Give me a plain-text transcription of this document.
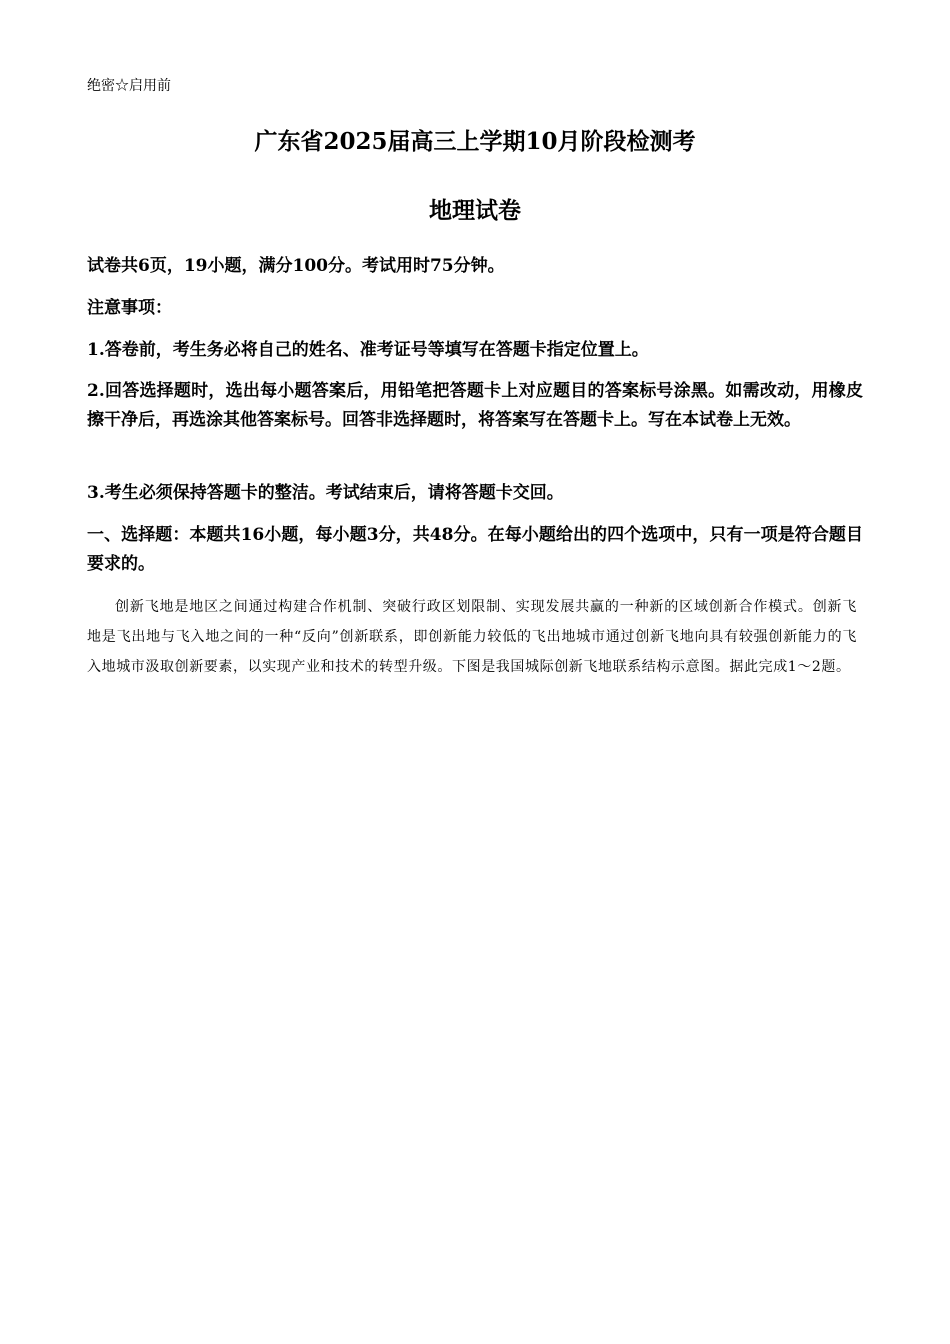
绝密☆启用前
广东省2025届高三上学期10月阶段检测考
地理试卷
试卷共6页，19小题，满分100分。考试用时75分钟。
注意事项：
1.答卷前，考生务必将自己的姓名、准考证号等填写在答题卡指定位置上。
2.回答选择题时，选出每小题答案后，用铅笔把答题卡上对应题目的答案标号涂黑。如需改动，用橡皮擦干净后，再选涂其他答案标号。回答非选择题时，将答案写在答题卡上。写在本试卷上无效。
3.考生必须保持答题卡的整洁。考试结束后，请将答题卡交回。
一、选择题：本题共16小题，每小题3分，共48分。在每小题给出的四个选项中，只有一项是符合题目要求的。
创新飞地是地区之间通过构建合作机制、突破行政区划限制、实现发展共赢的一种新的区域创新合作模式。创新飞地是飞出地与飞入地之间的一种“反向”创新联系，即创新能力较低的飞出地城市通过创新飞地向具有较强创新能力的飞入地城市汲取创新要素，以实现产业和技术的转型升级。下图是我国城际创新飞地联系结构示意图。据此完成1～2题。
